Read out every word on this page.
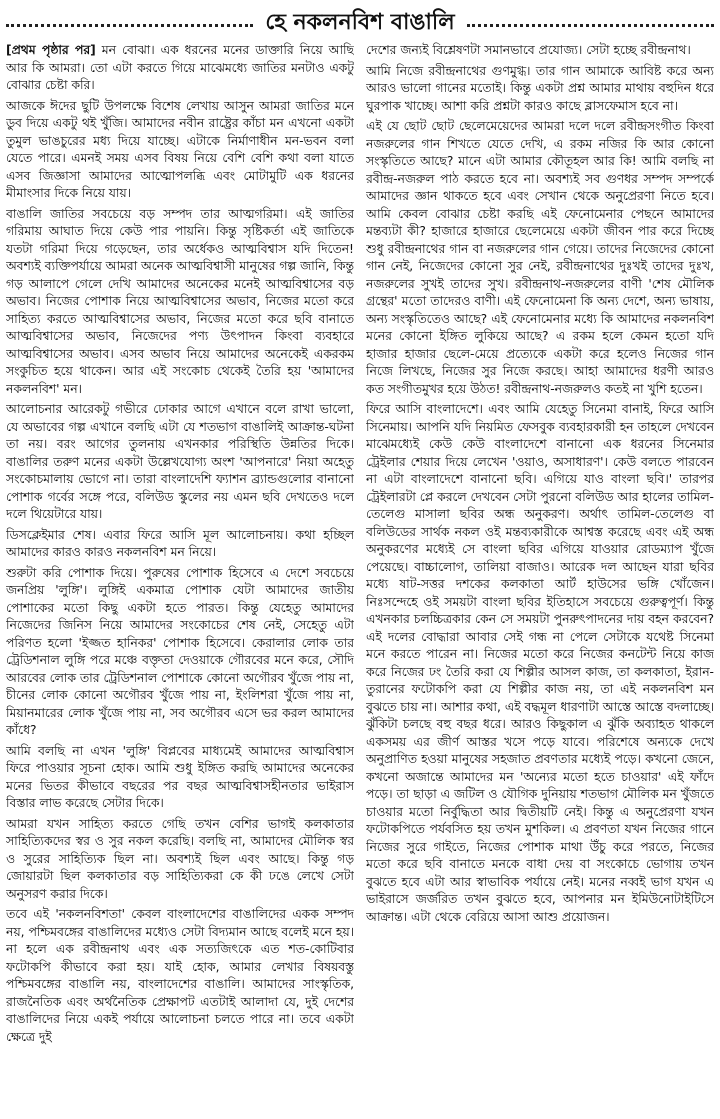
হে নকলনবিশ বাঙালি

[প্রথম পৃষ্ঠার পর] মন বোঝা। এক ধরনের মনের ডাক্তারি নিয়ে আছি আর কি আমরা। তো এটা করতে গিয়ে মাঝেমধ্যে জাতির মনটাও একটু বোঝার চেষ্টা করি।

আজকে ঈদের ছুটি উপলক্ষে বিশেষ লেখায় আসুন আমরা জাতির মনে ডুব দিয়ে একটু থই খুঁজি। আমাদের নবীন রাষ্ট্রের কাঁচা মন এখনো একটা তুমুল ভাঙচুরের মধ্য দিয়ে যাচ্ছে। এটাকে নির্মাণাধীন মন-ভবন বলা যেতে পারে। এমনই সময় এসব বিষয় নিয়ে বেশি বেশি কথা বলা যাতে এসব জিজ্ঞাসা আমাদের আত্মোপলব্ধি এবং মোটামুটি এক ধরনের মীমাংসার দিকে নিয়ে যায়।

বাঙালি জাতির সবচেয়ে বড় সম্পদ তার আত্মগরিমা। এই জাতির গরিমায় আঘাত দিয়ে কেউ পার পায়নি। কিন্তু সৃষ্টিকর্তা এই জাতিকে যতটা গরিমা দিয়ে গড়েছেন, তার অর্ধেকও আত্মবিশ্বাস যদি দিতেন! অবশ্যই ব্যক্তিপর্যায়ে আমরা অনেক আত্মবিশ্বাসী মানুষের গল্প জানি, কিন্তু গড় আলাপে গেলে দেখি আমাদের অনেকের মনেই আত্মবিশ্বাসের বড় অভাব। নিজের পোশাক নিয়ে আত্মবিশ্বাসের অভাব, নিজের মতো করে সাহিত্য করতে আত্মবিশ্বাসের অভাব, নিজের মতো করে ছবি বানাতে আত্মবিশ্বাসের অভাব, নিজেদের পণ্য উৎপাদন কিংবা ব্যবহারে আত্মবিশ্বাসের অভাব। এসব অভাব নিয়ে আমাদের অনেকেই একরকম সংকুচিত হয়ে থাকেন। আর এই সংকোচ থেকেই তৈরি হয় 'আমাদের নকলনবিশ' মন।

আলোচনার আরেকটু গভীরে ঢোকার আগে এখানে বলে রাখা ভালো, যে অভাবের গল্প এখানে বলছি এটা যে শতভাগ বাঙালিই আক্রান্ত-ঘটনা তা নয়। বরং আগের তুলনায় এখনকার পরিস্থিতি উন্নতির দিকে। বাঙালির তরুণ মনের একটা উল্লেখযোগ্য অংশ 'আপনারে' নিয়া অহেতু সংকোচমালায় ভোগে না। তারা বাংলাদেশি ফ্যাশন ব্র্যান্ডগুলোর বানানো পোশাক গর্বের সঙ্গে পরে, বলিউড স্কুলের নয় এমন ছবি দেখতেও দলে দলে থিয়েটারে যায়।

ডিসক্লেইমার শেষ। এবার ফিরে আসি মূল আলোচনায়। কথা হচ্ছিল আমাদের কারও কারও নকলনবিশ মন নিয়ে।

শুরুটা করি পোশাক দিয়ে। পুরুষের পোশাক হিসেবে এ দেশে সবচেয়ে জনপ্রিয় 'লুঙ্গি'। লুঙ্গিই একমাত্র পোশাক যেটা আমাদের জাতীয় পোশাকের মতো কিছু একটা হতে পারত। কিন্তু যেহেতু আমাদের নিজেদের জিনিস নিয়ে আমাদের সংকোচের শেষ নেই, সেহেতু এটা পরিণত হলো 'ইজ্জত হানিকর' পোশাক হিসেবে। কেরালার লোক তার ট্রেডিশনাল লুঙ্গি পরে মঞ্চে বক্তৃতা দেওয়াকে গৌরবের মনে করে, সৌদি আরবের লোক তার ট্রেডিশনাল পোশাকে কোনো অগৌরব খুঁজে পায় না, চীনের লোক কোনো অগৌরব খুঁজে পায় না, ইংলিশরা খুঁজে পায় না, মিয়ানমারের লোক খুঁজে পায় না, সব অগৌরব এসে ভর করল আমাদের কাঁধে?

আমি বলছি না এখন 'লুঙ্গি' বিপ্লবের মাধ্যমেই আমাদের আত্মবিশ্বাস ফিরে পাওয়ার সূচনা হোক। আমি শুধু ইঙ্গিত করছি আমাদের অনেকের মনের ভিতর কীভাবে বছরের পর বছর আত্মবিশ্বাসহীনতার ভাইরাস বিস্তার লাভ করেছে সেটার দিকে।

আমরা যখন সাহিত্য করতে গেছি তখন বেশির ভাগই কলকাতার সাহিত্যিকদের স্বর ও সুর নকল করেছি। বলছি না, আমাদের মৌলিক স্বর ও সুরের সাহিত্যিক ছিল না। অবশ্যই ছিল এবং আছে। কিন্তু গড় জোয়ারটা ছিল কলকাতার বড় সাহিত্যিকরা কে কী ঢঙে লেখে সেটা অনুসরণ করার দিকে।

তবে এই 'নকলনবিশতা' কেবল বাংলাদেশের বাঙালিদের একক সম্পদ নয়, পশ্চিমবঙ্গের বাঙালিদের মধ্যেও সেটা বিদ্যমান আছে বলেই মনে হয়। না হলে এক রবীন্দ্রনাথ এবং এক সত্যজিৎকে এত শত-কোটিবার ফটোকপি কীভাবে করা হয়। যাই হোক, আমার লেখার বিষয়বস্তু পশ্চিমবঙ্গের বাঙালি নয়, বাংলাদেশের বাঙালি। আমাদের সাংস্কৃতিক, রাজনৈতিক এবং অর্থনৈতিক প্রেক্ষাপট এতটাই আলাদা যে, দুই দেশের বাঙালিদের নিয়ে একই পর্যায়ে আলোচনা চলতে পারে না। তবে একটা ক্ষেত্রে দুই

দেশের জন্যই বিশ্লেষণটা সমানভাবে প্রযোজ্য। সেটা হচ্ছে রবীন্দ্রনাথ।

আমি নিজে রবীন্দ্রনাথের গুণমুগ্ধ। তার গান আমাকে আবিষ্ট করে অন্য আরও ভালো গানের মতোই। কিন্তু একটা প্রশ্ন আমার মাথায় বহুদিন ধরে ঘুরপাক খাচ্ছে। আশা করি প্রশ্নটা কারও কাছে ব্লাসফেমাস হবে না।

এই যে ছোট ছোট ছেলেমেয়েদের আমরা দলে দলে রবীন্দ্রসংগীত কিংবা নজরুলের গান শিখতে যেতে দেখি, এ রকম নজির কি আর কোনো সংস্কৃতিতে আছে? মানে এটা আমার কৌতূহল আর কি! আমি বলছি না রবীন্দ্র-নজরুল পাঠ করতে হবে না। অবশ্যই সব গুণধর সম্পদ সম্পর্কে আমাদের জ্ঞান থাকতে হবে এবং সেখান থেকে অনুপ্রেরণা নিতে হবে। আমি কেবল বোঝার চেষ্টা করছি এই ফেনোমেনার পেছনে আমাদের মন্তব্যটা কী? হাজারে হাজারে ছেলেমেয়ে একটা জীবন পার করে দিচ্ছে শুধু রবীন্দ্রনাথের গান বা নজরুলের গান গেয়ে। তাদের নিজেদের কোনো গান নেই, নিজেদের কোনো সুর নেই, রবীন্দ্রনাথের দুঃখই তাদের দুঃখ, নজরুলের সুখই তাদের সুখ। রবীন্দ্রনাথ-নজরুলের বাণী 'শেষ মৌলিক গ্রন্থের' মতো তাদেরও বাণী। এই ফেনোমেনা কি অন্য দেশে, অন্য ভাষায়, অন্য সংস্কৃতিতেও আছে? এই ফেনোমেনার মধ্যে কি আমাদের নকলনবিশ মনের কোনো ইঙ্গিত লুকিয়ে আছে? এ রকম হলে কেমন হতো যদি হাজার হাজার ছেলে-মেয়ে প্রত্যেকে একটা করে হলেও নিজের গান নিজে লিখছে, নিজের সুর নিজে করছে। আহা আমাদের ধরণী আরও কত সংগীতমুখর হয়ে উঠত! রবীন্দ্রনাথ-নজরুলও কতই না খুশি হতেন।

ফিরে আসি বাংলাদেশে। এবং আমি যেহেতু সিনেমা বানাই, ফিরে আসি সিনেমায়। আপনি যদি নিয়মিত ফেসবুক ব্যবহারকারী হন তাহলে দেখবেন মাঝেমধ্যেই কেউ কেউ বাংলাদেশে বানানো এক ধরনের সিনেমার ট্রেইলার শেয়ার দিয়ে লেখেন 'ওয়াও, অসাধারণ'। কেউ বলতে পারবেন না এটা বাংলাদেশে বানানো ছবি। এগিয়ে যাও বাংলা ছবি।' তারপর ট্রেইলারটা প্লে করলে দেখবেন সেটা পুরনো বলিউড আর হালের তামিল-তেলেগু মাসালা ছবির অন্ধ অনুকরণ। অর্থাৎ তামিল-তেলেগু বা বলিউডের সার্থক নকল ওই মন্তব্যকারীকে আশ্বস্ত করেছে এবং এই অন্ধ অনুকরণের মধ্যেই সে বাংলা ছবির এগিয়ে যাওয়ার রোডম্যাপ খুঁজে পেয়েছে। বাচ্চালোগ, তালিয়া বাজাও। আরেক দল আছেন যারা ছবির মধ্যে ষাট-সত্তর দশকের কলকাতা আর্ট হাউসের ভঙ্গি খোঁজেন। নিঃসন্দেহে ওই সময়টা বাংলা ছবির ইতিহাসে সবচেয়ে গুরুত্বপূর্ণ। কিন্তু এখনকার চলচ্চিত্রকার কেন সে সময়টা পুনরুৎপাদনের দায় বহন করবেন? এই দলের বোদ্ধারা আবার সেই গন্ধ না পেলে সেটাকে যথেষ্ট সিনেমা মনে করতে পারেন না। নিজের মতো করে নিজের কনটেন্ট নিয়ে কাজ করে নিজের ঢং তৈরি করা যে শিল্পীর আসল কাজ, তা কলকাতা, ইরান-তুরানের ফটোকপি করা যে শিল্পীর কাজ নয়, তা এই নকলনবিশ মন বুঝতে চায় না। আশার কথা, এই বদ্ধমূল ধারণাটা আস্তে আস্তে বদলাচ্ছে। ঝুঁকিটা চলছে বহু বছর ধরে। আরও কিছুকাল এ ঝুঁকি অব্যাহত থাকলে একসময় এর জীর্ণ আস্তর খসে পড়ে যাবে। পরিশেষে অন্যকে দেখে অনুপ্রাণিত হওয়া মানুষের সহজাত প্রবণতার মধ্যেই পড়ে। কখনো জেনে, কখনো অজান্তে আমাদের মন 'অন্যের মতো হতে চাওয়ার' এই ফাঁদে পড়ে। তা ছাড়া এ জটিল ও যৌগিক দুনিয়ায় শতভাগ মৌলিক মন খুঁজতে চাওয়ার মতো নির্বুদ্ধিতা আর দ্বিতীয়টি নেই। কিন্তু এ অনুপ্রেরণা যখন ফটোকপিতে পর্যবসিত হয় তখন মুশকিল। এ প্রবণতা যখন নিজের গানে নিজের সুরে গাইতে, নিজের পোশাক মাথা উঁচু করে পরতে, নিজের মতো করে ছবি বানাতে মনকে বাধা দেয় বা সংকোচে ভোগায় তখন বুঝতে হবে এটা আর স্বাভাবিক পর্যায়ে নেই। মনের নব্বই ভাগ যখন এ ভাইরাসে জর্জরিত তখন বুঝতে হবে, আপনার মন ইমিউনোটাইটিসে আক্রান্ত। এটা থেকে বেরিয়ে আসা আশু প্রয়োজন।
